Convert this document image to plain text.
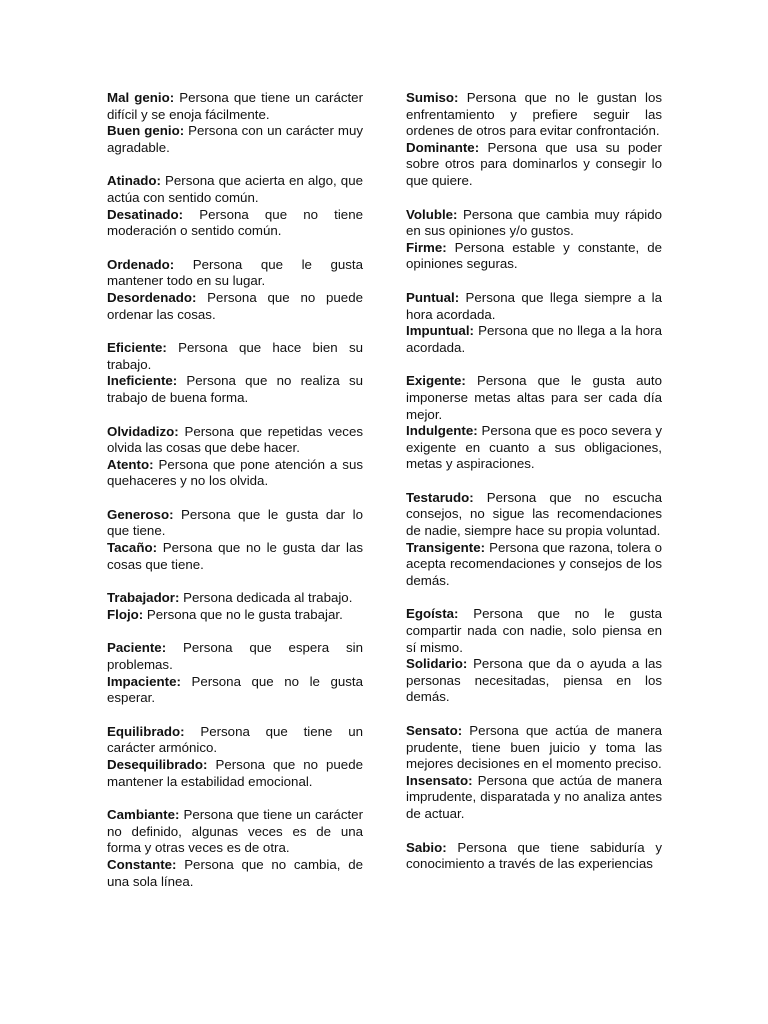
Mal genio: Persona que tiene un carácter difícil y se enoja fácilmente.

Buen genio: Persona con un carácter muy agradable.

Atinado: Persona que acierta en algo, que actúa con sentido común.

Desatinado: Persona que no tiene moderación o sentido común.

Ordenado: Persona que le gusta mantener todo en su lugar.

Desordenado: Persona que no puede ordenar las cosas.

Eficiente: Persona que hace bien su trabajo.

Ineficiente: Persona que no realiza su trabajo de buena forma.

Olvidadizo: Persona que repetidas veces olvida las cosas que debe hacer.

Atento: Persona que pone atención a sus quehaceres y no los olvida.

Generoso: Persona que le gusta dar lo que tiene.

Tacaño: Persona que no le gusta dar las cosas que tiene.

Trabajador: Persona dedicada al trabajo.

Flojo: Persona que no le gusta trabajar.

Paciente: Persona que espera sin problemas.

Impaciente: Persona que no le gusta esperar.

Equilibrado: Persona que tiene un carácter armónico.

Desequilibrado: Persona que no puede mantener la estabilidad emocional.

Cambiante: Persona que tiene un carácter no definido, algunas veces es de una forma y otras veces es de otra.

Constante: Persona que no cambia, de una sola línea.

Sumiso: Persona que no le gustan los enfrentamiento y prefiere seguir las ordenes de otros para evitar confrontación.

Dominante: Persona que usa su poder sobre otros para dominarlos y consegir lo que quiere.

Voluble: Persona que cambia muy rápido en sus opiniones y/o gustos.

Firme: Persona estable y constante, de opiniones seguras.

Puntual: Persona que llega siempre a la hora acordada.

Impuntual: Persona que no llega a la hora acordada.

Exigente: Persona que le gusta auto imponerse metas altas para ser cada día mejor.

Indulgente: Persona que es poco severa y exigente en cuanto a sus obligaciones, metas y aspiraciones.

Testarudo: Persona que no escucha consejos, no sigue las recomendaciones de nadie, siempre hace su propia voluntad.

Transigente: Persona que razona, tolera o acepta recomendaciones y consejos de los demás.

Egoísta: Persona que no le gusta compartir nada con nadie, solo piensa en sí mismo.

Solidario: Persona que da o ayuda a las personas necesitadas, piensa en los demás.

Sensato: Persona que actúa de manera prudente, tiene buen juicio y toma las mejores decisiones en el momento preciso.

Insensato: Persona que actúa de manera imprudente, disparatada y no analiza antes de actuar.

Sabio: Persona que tiene sabiduría y conocimiento a través de las experiencias
